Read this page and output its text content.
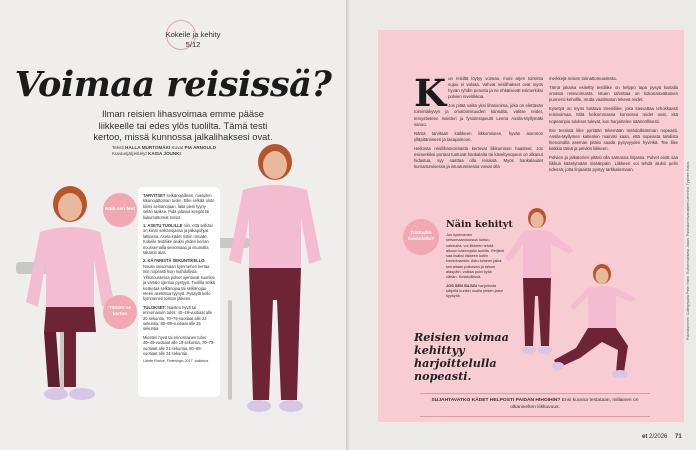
Kokeile ja kehity
5/12
Voimaa reisissä?

Ilman reisien lihasvoimaa emme pääse liikkeelle tai edes ylös tuolilta. Tämä testi kertoo, missä kunnossa jalkalihaksesi ovat.

Teksti HALLA MURTOMÄKI Kuvat PIA ARNOULD
Kuvausjärjestelyt KAISA JOUNKI
Näin sen teet
Tämän se kertoo

TARVITSET selkänojallisen, mieluiten käsinojattoman tuolin. Ellei selkää oloto kiinni seinänojaan, laita pieni tyyny selän taakse. Pidä jalassa kengät tai liukumattomat tossut.

1. ASETU TUOLILLE niin, että selkäsi on kiinni selkänojassa ja jalkapohjat lattiassa. Aseta kädet ristiin rinnalle. Kokeile testiliike aluksi yhden kerran noussemalla seisomaan ja istumalla takaisin alas.

2. KÄYNNISTÄ SEKUNTIKELLO. Nouse seisomaan kymmenen kertaa niin nopeasti kuin mahdollista. Ylösnoustessa polvet ojentuvat suoriksi ja vartalo ojentuu pystyyn. Tuolilla selkä kosketaa selkänojaa tai selkänojan eteen asetettua tyynyä. Pysäytä kello kymmenen toiston jälkeen.

TULOKSET: Naisten hyvä tai erinomainen tulos: 40–49-vuotiaat alle 20 sekuntia, 70–79-vuotiaat alle 22 sekuntia, 80–89-vuotiaat alle 25 sekuntia.

Miesten hyvä tai erinomainen tulos: 40–49-vuotiaat alle 19 sekuntia, 70–79-vuotiaat alle 21 sekuntia, 80–89-vuotiaat alle 24 sekuntia.

Lähde Finrivé, Fintervayo 2017 -tutkimus.

Kun reisiltä löytyy voimaa, moni arjen toiminta sujuu ei valvaa. Vahvat reisilihakset ovat myös hyvän ryhdin perusta ja ne ehkäisevät esimerkiksi polvien nivelrikkoa.

Jos pitää valita yksi lihasvoima, joka on elettävän toimintakyvyn ja omatoimisuuden kannalta, valitse reidet, tervystieteen maisteri ja fysioterapeutti Leena Assila-Myllymäki sanoo.

Nämä tarvitaan kaikkeen liikkumiseen, hyvän asennon ylläpitämiseen ja tasapainoon.

Heikosta reisilihasvoimasta kertovat liikkumisen haasteet. Jos esimerkiksi portaat tuntuvat hankalalta tai käveltynopeus on alkanut hidastua, syy saattaa olla reisissä. Myös hankalaudet kumartumisessa ja istuutumisessa voivat olla

merkkejä reisien toimattomuudesta.

Tämä jakaisa esiteltty testiliike on helppo tapa pysyä kartalla omasta reisivoimasta. Istuen tahoittaa on kokonaisvaltainen punnersi kehollle, mutta vaatimaton tekevä reidet.

Kysetyä on myös luistava treeniliike, joka kasvattaa tehokkaasti reisivoimaa. Mitä heikommassa kunnossa reidet ovat, sitä nopeampia tulokset tulevat, kun harjoittelee säännöllisesti.

Itse testissä liike pyritään tekemään mahdollisimman nopeasti. Assila-Myllymen kaltenkin mainitsi kaan, että nopeasta tahdista hienoinalla aseman pitäisi saada pysyvyyden hyvinkä. Tee liike kaikkia tämä ja pelvkin liikkeen.

Polvien ja jalkaterien pitäisi olla samassa linjassa. Polvet eivät saa liikkua kääntymään sisäänpäin. Liikkeen voi tehdä aluksi pelin edessä, jotta linjaaista pystyy tarkkailemaan.

Tuntuuko hankalalta?
Näin kehityt

Jos kymmenen seisomaannousua tuntuu vaikealta, voi liikkeen tehdä alkuun käsinojalla tuolilla. Reijistä saa lisäksi liikkeen kotiin toimintaankin. Astu toiseen jalka kerrallaan polkavan ja taisun alaspäin, vaikka polvi kyllä vähän. Keskivälissä.

JOS SEN SUJUU harjoitusta kärjellä kunkin osalla yhden jalan kyykyllä.

Reisien voimaa kehittyy harjoittelulla nopeasti.
SUJAHTAVATKO KÄDET HELPOSTI PAIDAN HIHOIHIN? Ensi kuussa testataan, millainen on olkanivelten liikkuvuus.
et 2/2026 71
Pukeutuminen: Collegepaita Peter Hahn, Ruhanmahkesa Jobos. Pukeutumisvarusteet Lemmlist. Tyylinen Halos.
